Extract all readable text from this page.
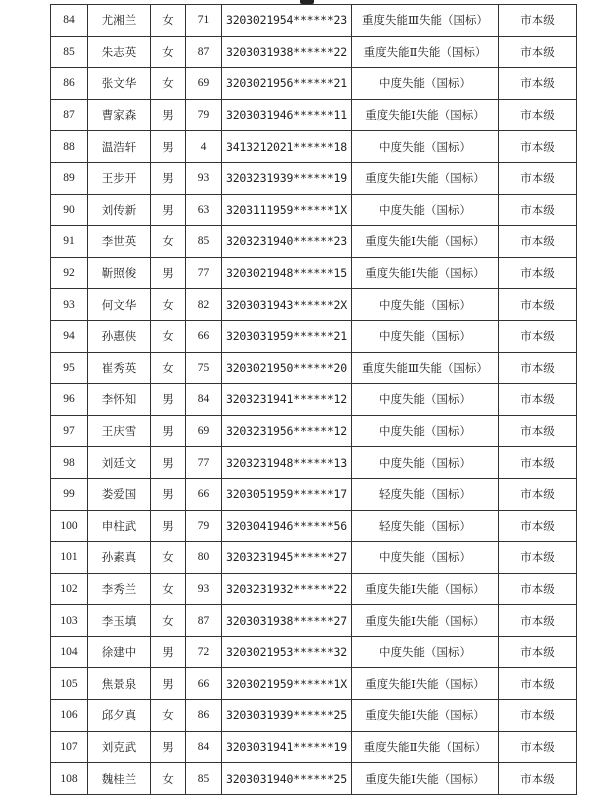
84	尤湘兰	女	71	3203021954******23	重度失能Ⅲ失能（国标）	市本级
85	朱志英	女	87	3203031938******22	重度失能Ⅱ失能（国标）	市本级
86	张文华	女	69	3203021956******21	中度失能（国标）	市本级
87	曹家森	男	79	3203031946******11	重度失能Ⅰ失能（国标）	市本级
88	温浩轩	男	4	3413212021******18	中度失能（国标）	市本级
89	王步开	男	93	3203231939******19	重度失能Ⅰ失能（国标）	市本级
90	刘传新	男	63	3203111959******1X	中度失能（国标）	市本级
91	李世英	女	85	3203231940******23	重度失能Ⅰ失能（国标）	市本级
92	靳照俊	男	77	3203021948******15	重度失能Ⅰ失能（国标）	市本级
93	何文华	女	82	3203031943******2X	中度失能（国标）	市本级
94	孙惠侠	女	66	3203031959******21	中度失能（国标）	市本级
95	崔秀英	女	75	3203021950******20	重度失能Ⅲ失能（国标）	市本级
96	李怀知	男	84	3203231941******12	中度失能（国标）	市本级
97	王庆雪	男	69	3203231956******12	中度失能（国标）	市本级
98	刘廷文	男	77	3203231948******13	中度失能（国标）	市本级
99	娄爱国	男	66	3203051959******17	轻度失能（国标）	市本级
100	申柱武	男	79	3203041946******56	轻度失能（国标）	市本级
101	孙素真	女	80	3203231945******27	中度失能（国标）	市本级
102	李秀兰	女	93	3203231932******22	重度失能Ⅰ失能（国标）	市本级
103	李玉填	女	87	3203031938******27	重度失能Ⅰ失能（国标）	市本级
104	徐建中	男	72	3203021953******32	中度失能（国标）	市本级
105	焦景泉	男	66	3203021959******1X	重度失能Ⅰ失能（国标）	市本级
106	邱夕真	女	86	3203031939******25	重度失能Ⅰ失能（国标）	市本级
107	刘克武	男	84	3203031941******19	重度失能Ⅱ失能（国标）	市本级
108	魏桂兰	女	85	3203031940******25	重度失能Ⅰ失能（国标）	市本级
